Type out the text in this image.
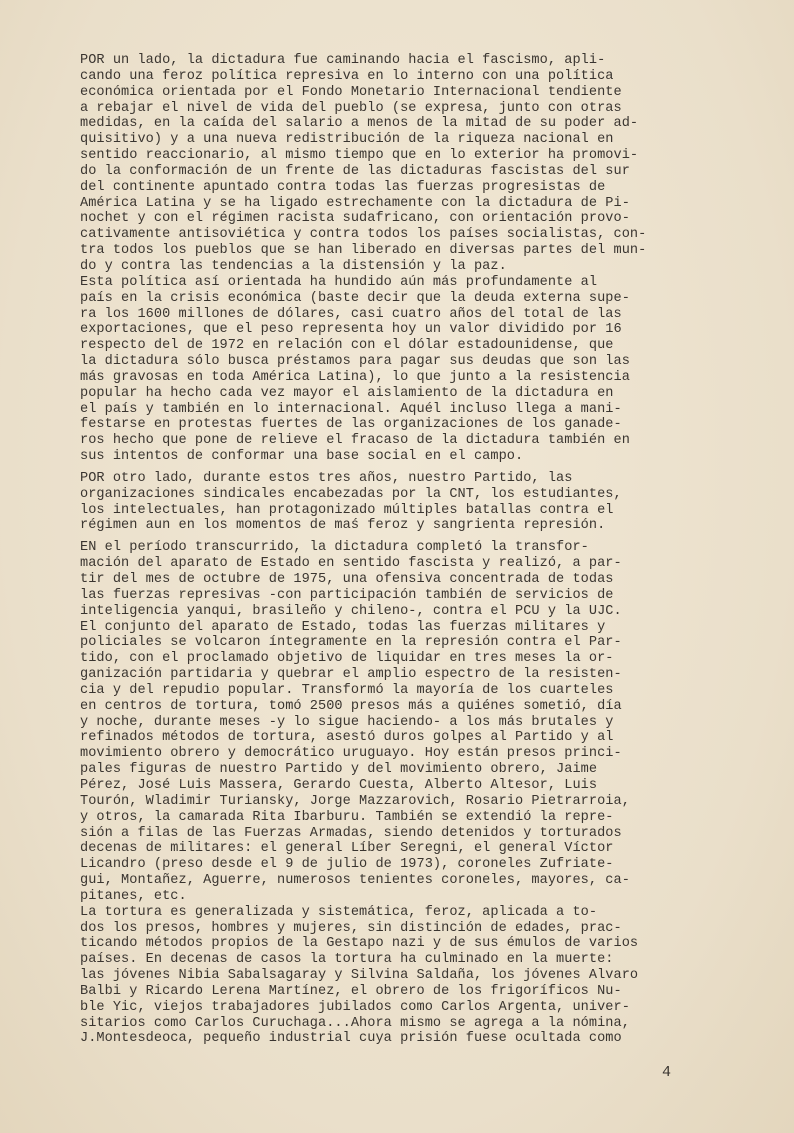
POR un lado, la dictadura fue caminando hacia el fascismo, apli-
cando una feroz política represiva en lo interno con una política
económica orientada por el Fondo Monetario Internacional tendiente
a rebajar el nivel de vida del pueblo (se expresa, junto con otras
medidas, en la caída del salario a menos de la mitad de su poder ad-
quisitivo) y a una nueva redistribución de la riqueza nacional en
sentido reaccionario, al mismo tiempo que en lo exterior ha promovi-
do la conformación de un frente de las dictaduras fascistas del sur
del continente apuntado contra todas las fuerzas progresistas de
América Latina y se ha ligado estrechamente con la dictadura de Pi-
nochet y con el régimen racista sudafricano, con orientación provo-
cativamente antisoviética y contra todos los países socialistas, con-
tra todos los pueblos que se han liberado en diversas partes del mun-
do y contra las tendencias a la distensión y la paz.
Esta política así orientada ha hundido aún más profundamente al
país en la crisis económica (baste decir que la deuda externa supe-
ra los 1600 millones de dólares, casi cuatro años del total de las
exportaciones, que el peso representa hoy un valor dividido por 16
respecto del de 1972 en relación con el dólar estadounidense, que
la dictadura sólo busca préstamos para pagar sus deudas que son las
más gravosas en toda América Latina), lo que junto a la resistencia
popular ha hecho cada vez mayor el aislamiento de la dictadura en
el país y también en lo internacional. Aquél incluso llega a mani-
festarse en protestas fuertes de las organizaciones de los ganade-
ros hecho que pone de relieve el fracaso de la dictadura también en
sus intentos de conformar una base social en el campo.
POR otro lado, durante estos tres años, nuestro Partido, las
organizaciones sindicales encabezadas por la CNT, los estudiantes,
los intelectuales, han protagonizado múltiples batallas contra el
régimen aun en los momentos de maś feroz y sangrienta represión.
EN el período transcurrido, la dictadura completó la transfor-
mación del aparato de Estado en sentido fascista y realizó, a par-
tir del mes de octubre de 1975, una ofensiva concentrada de todas
las fuerzas represivas -con participación también de servicios de
inteligencia yanqui, brasileño y chileno-, contra el PCU y la UJC.
El conjunto del aparato de Estado, todas las fuerzas militares y
policiales se volcaron íntegramente en la represión contra el Par-
tido, con el proclamado objetivo de liquidar en tres meses la or-
ganización partidaria y quebrar el amplio espectro de la resisten-
cia y del repudio popular. Transformó la mayoría de los cuarteles
en centros de tortura, tomó 2500 presos más a quiénes sometió, día
y noche, durante meses -y lo sigue haciendo- a los más brutales y
refinados métodos de tortura, asestó duros golpes al Partido y al
movimiento obrero y democrático uruguayo. Hoy están presos princi-
pales figuras de nuestro Partido y del movimiento obrero, Jaime
Pérez, José Luis Massera, Gerardo Cuesta, Alberto Altesor, Luis
Tourón, Wladimir Turiansky, Jorge Mazzarovich, Rosario Pietrarroia,
y otros, la camarada Rita Ibarburu. También se extendió la repre-
sión a filas de las Fuerzas Armadas, siendo detenidos y torturados
decenas de militares: el general Líber Seregni, el general Víctor
Licandro (preso desde el 9 de julio de 1973), coroneles Zufriate-
gui, Montañez, Aguerre, numerosos tenientes coroneles, mayores, ca-
pitanes, etc.
La tortura es generalizada y sistemática, feroz, aplicada a to-
dos los presos, hombres y mujeres, sin distinción de edades, prac-
ticando métodos propios de la Gestapo nazi y de sus émulos de varios
países. En decenas de casos la tortura ha culminado en la muerte:
las jóvenes Nibia Sabalsagaray y Silvina Saldaña, los jóvenes Alvaro
Balbi y Ricardo Lerena Martínez, el obrero de los frigoríficos Nu-
ble Yic, viejos trabajadores jubilados como Carlos Argenta, univer-
sitarios como Carlos Curuchaga...Ahora mismo se agrega a la nómina,
J.Montesdeoca, pequeño industrial cuya prisión fuese ocultada como
4
